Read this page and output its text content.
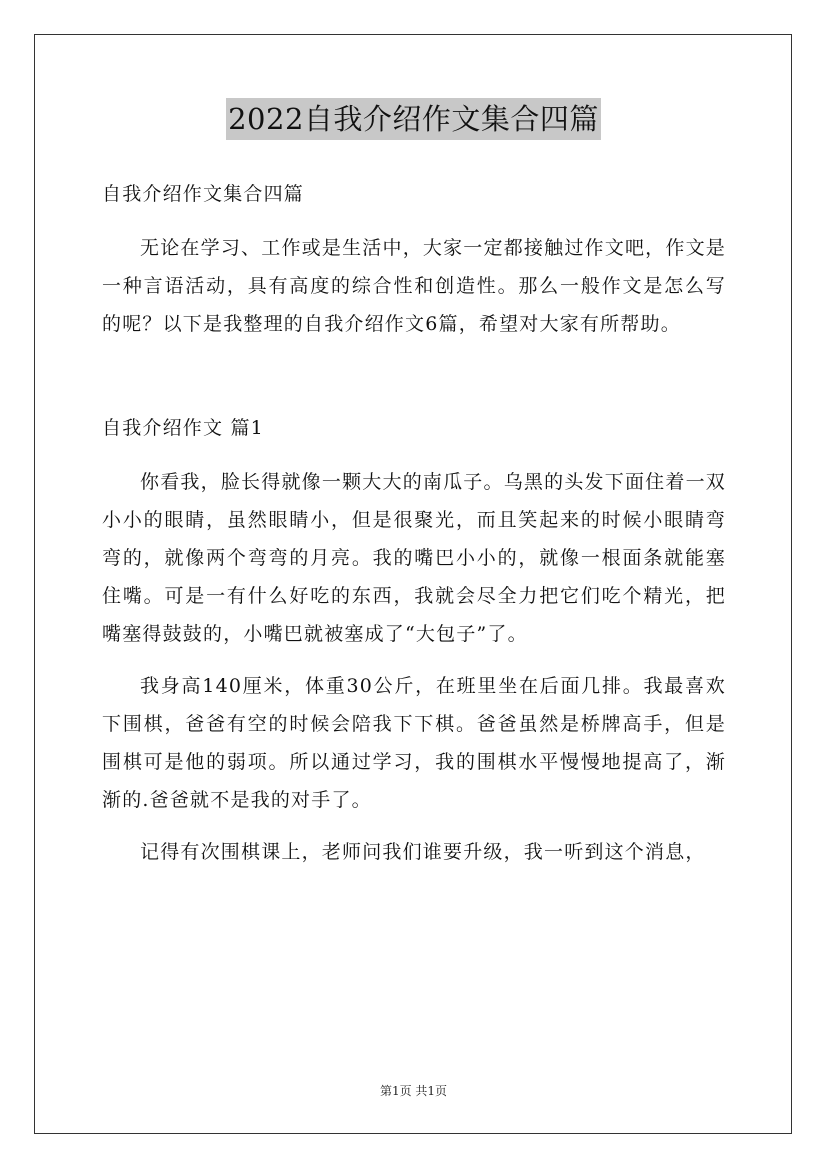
2022自我介绍作文集合四篇

自我介绍作文集合四篇

无论在学习、工作或是生活中，大家一定都接触过作文吧，作文是一种言语活动，具有高度的综合性和创造性。那么一般作文是怎么写的呢？以下是我整理的自我介绍作文6篇，希望对大家有所帮助。

自我介绍作文 篇1

你看我，脸长得就像一颗大大的南瓜子。乌黑的头发下面住着一双小小的眼睛，虽然眼睛小，但是很聚光，而且笑起来的时候小眼睛弯弯的，就像两个弯弯的月亮。我的嘴巴小小的，就像一根面条就能塞住嘴。可是一有什么好吃的东西，我就会尽全力把它们吃个精光，把嘴塞得鼓鼓的，小嘴巴就被塞成了“大包子”了。

我身高140厘米，体重30公斤，在班里坐在后面几排。我最喜欢下围棋，爸爸有空的时候会陪我下下棋。爸爸虽然是桥牌高手，但是围棋可是他的弱项。所以通过学习，我的围棋水平慢慢地提高了，渐渐的.爸爸就不是我的对手了。

记得有次围棋课上，老师问我们谁要升级，我一听到这个消息，

第1页 共1页
